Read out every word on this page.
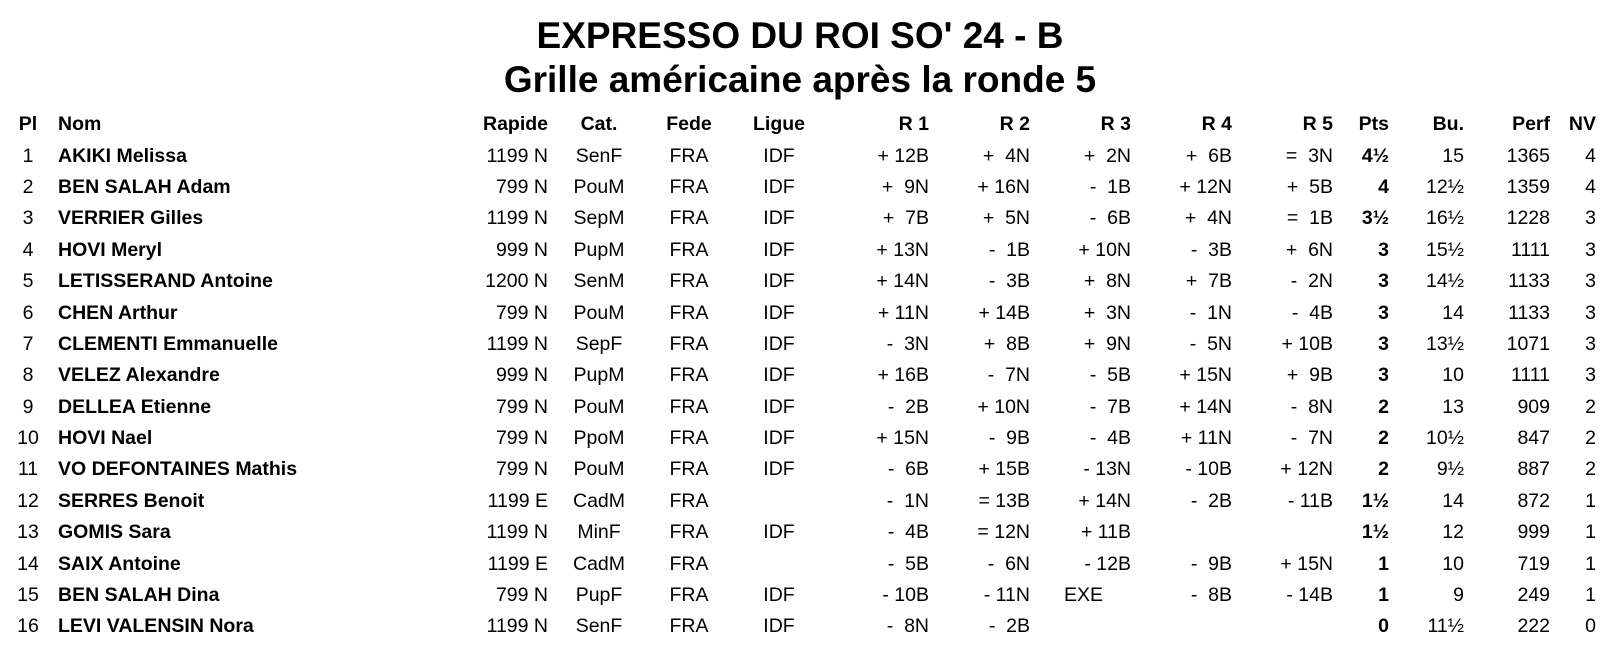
EXPRESSO DU ROI SO' 24 - B
Grille américaine après la ronde 5
Pl	Nom	Rapide	Cat.	Fede	Ligue	R 1	R 2	R 3	R 4	R 5	Pts	Bu.	Perf	NV
1	AKIKI Melissa	1199 N	SenF	FRA	IDF	+ 12B	+  4N	+  2N	+  6B	=  3N	4½	15	1365	4
2	BEN SALAH Adam	799 N	PouM	FRA	IDF	+  9N	+ 16N	-  1B	+ 12N	+  5B	4	12½	1359	4
3	VERRIER Gilles	1199 N	SepM	FRA	IDF	+  7B	+  5N	-  6B	+  4N	=  1B	3½	16½	1228	3
4	HOVI Meryl	999 N	PupM	FRA	IDF	+ 13N	-  1B	+ 10N	-  3B	+  6N	3	15½	1111	3
5	LETISSERAND Antoine	1200 N	SenM	FRA	IDF	+ 14N	-  3B	+  8N	+  7B	-  2N	3	14½	1133	3
6	CHEN Arthur	799 N	PouM	FRA	IDF	+ 11N	+ 14B	+  3N	-  1N	-  4B	3	14	1133	3
7	CLEMENTI Emmanuelle	1199 N	SepF	FRA	IDF	-  3N	+  8B	+  9N	-  5N	+ 10B	3	13½	1071	3
8	VELEZ Alexandre	999 N	PupM	FRA	IDF	+ 16B	-  7N	-  5B	+ 15N	+  9B	3	10	1111	3
9	DELLEA Etienne	799 N	PouM	FRA	IDF	-  2B	+ 10N	-  7B	+ 14N	-  8N	2	13	909	2
10	HOVI Nael	799 N	PpoM	FRA	IDF	+ 15N	-  9B	-  4B	+ 11N	-  7N	2	10½	847	2
11	VO DEFONTAINES Mathis	799 N	PouM	FRA	IDF	-  6B	+ 15B	- 13N	- 10B	+ 12N	2	9½	887	2
12	SERRES Benoit	1199 E	CadM	FRA		-  1N	= 13B	+ 14N	-  2B	- 11B	1½	14	872	1
13	GOMIS Sara	1199 N	MinF	FRA	IDF	-  4B	= 12N	+ 11B			1½	12	999	1
14	SAIX Antoine	1199 E	CadM	FRA		-  5B	-  6N	- 12B	-  9B	+ 15N	1	10	719	1
15	BEN SALAH Dina	799 N	PupF	FRA	IDF	- 10B	- 11N	EXE	-  8B	- 14B	1	9	249	1
16	LEVI VALENSIN Nora	1199 N	SenF	FRA	IDF	-  8N	-  2B				0	11½	222	0
